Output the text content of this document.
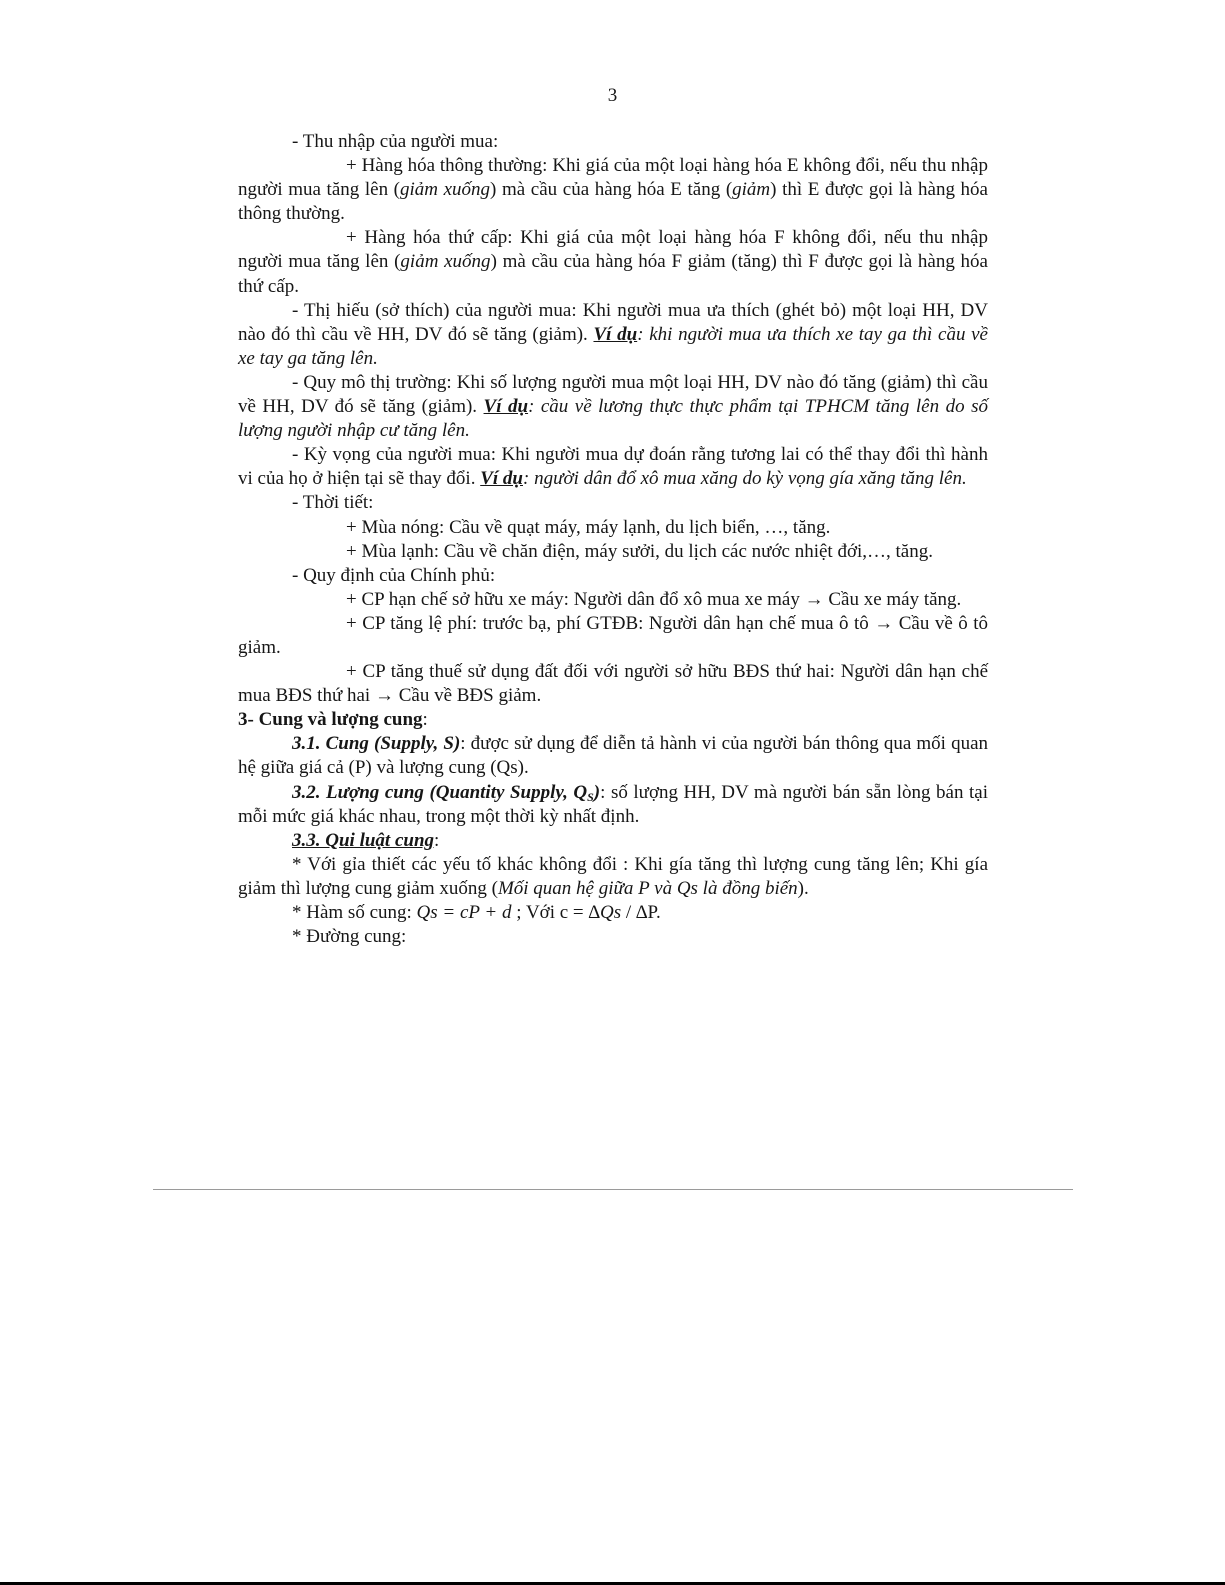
3

- Thu nhập của người mua:

+ Hàng hóa thông thường: Khi giá của một loại hàng hóa E không đổi, nếu thu nhập người mua tăng lên (giảm xuống) mà cầu của hàng hóa E tăng (giảm) thì E được gọi là hàng hóa thông thường.

+ Hàng hóa thứ cấp: Khi giá của một loại hàng hóa F không đổi, nếu thu nhập người mua tăng lên (giảm xuống) mà cầu của hàng hóa F giảm (tăng) thì F được gọi là hàng hóa thứ cấp.

- Thị hiếu (sở thích) của người mua: Khi người mua ưa thích (ghét bỏ) một loại HH, DV nào đó thì cầu về HH, DV đó sẽ tăng (giảm). Ví dụ: khi người mua ưa thích xe tay ga thì cầu về xe tay ga tăng lên.

- Quy mô thị trường: Khi số lượng người mua một loại HH, DV nào đó tăng (giảm) thì cầu về HH, DV đó sẽ tăng (giảm). Ví dụ: cầu về lương thực thực phẩm tại TPHCM tăng lên do số lượng người nhập cư tăng lên.

- Kỳ vọng của người mua: Khi người mua dự đoán rằng tương lai có thể thay đổi thì hành vi của họ ở hiện tại sẽ thay đổi. Ví dụ: người dân đổ xô mua xăng do kỳ vọng gía xăng tăng lên.

- Thời tiết:

+ Mùa nóng: Cầu về quạt máy, máy lạnh, du lịch biển, …, tăng.

+ Mùa lạnh: Cầu về chăn điện, máy sưởi, du lịch các nước nhiệt đới,…, tăng.

- Quy định của Chính phủ:

+ CP hạn chế sở hữu xe máy: Người dân đổ xô mua xe máy → Cầu xe máy tăng.

+ CP tăng lệ phí: trước bạ, phí GTĐB: Người dân hạn chế mua ô tô → Cầu về ô tô giảm.

+ CP tăng thuế sử dụng đất đối với người sở hữu BĐS thứ hai: Người dân hạn chế mua BĐS thứ hai → Cầu về BĐS giảm.

3- Cung và lượng cung:

3.1. Cung (Supply, S): được sử dụng để diễn tả hành vi của người bán thông qua mối quan hệ giữa giá cả (P) và lượng cung (Qs).

3.2. Lượng cung (Quantity Supply, $Q_S$): số lượng HH, DV mà người bán sẵn lòng bán tại mỗi mức giá khác nhau, trong một thời kỳ nhất định.

3.3. Qui luật cung:

* Với gỉa thiết các yếu tố khác không đổi : Khi gía tăng thì lượng cung tăng lên; Khi gía giảm thì lượng cung giảm xuống (Mối quan hệ giữa P và Qs là đồng biến).

* Hàm số cung: Qs = cP + d ; Với c = ∆Qs / ∆P.

* Đường cung:
